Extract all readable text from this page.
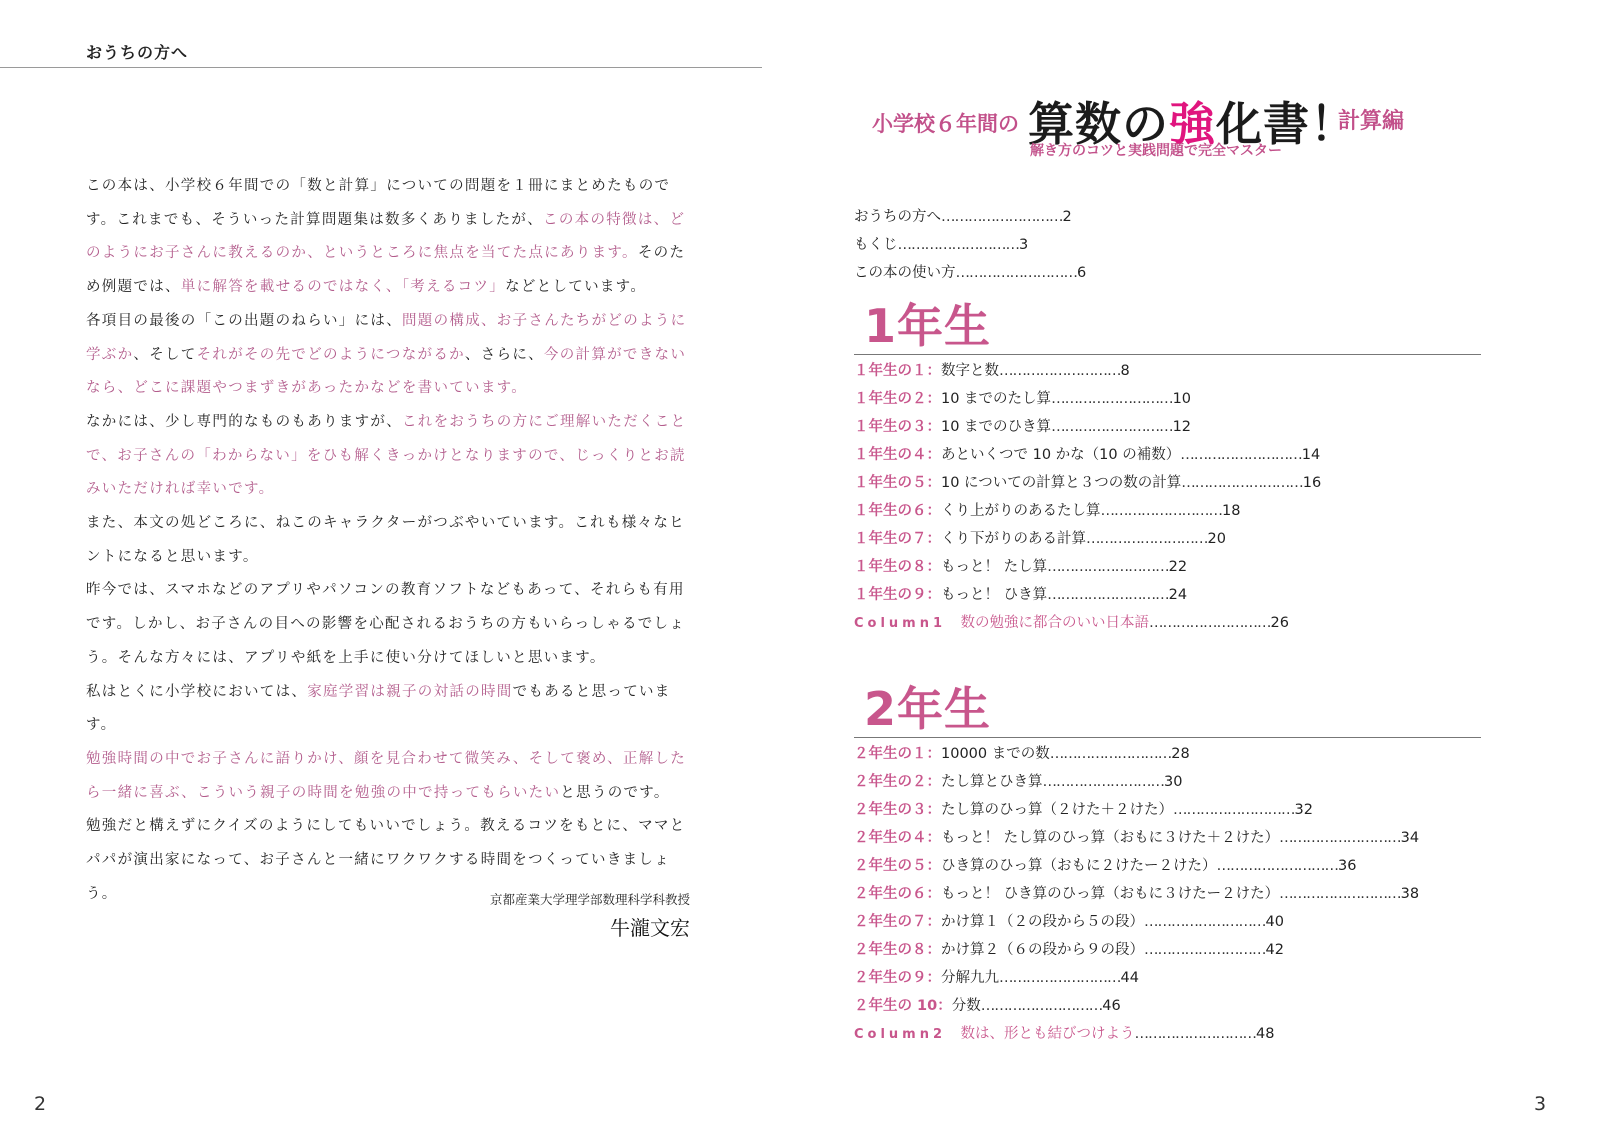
おうちの方へ

この本は、小学校６年間での「数と計算」についての問題を１冊にまとめたものです。これまでも、そういった計算問題集は数多くありましたが、この本の特徴は、どのようにお子さんに教えるのか、というところに焦点を当てた点にあります。そのため例題では、単に解答を載せるのではなく、「考えるコツ」などとしています。
各項目の最後の「この出題のねらい」には、問題の構成、お子さんたちがどのように学ぶか、そしてそれがその先でどのようにつながるか、さらに、今の計算ができないなら、どこに課題やつまずきがあったかなどを書いています。
なかには、少し専門的なものもありますが、これをおうちの方にご理解いただくことで、お子さんの「わからない」をひも解くきっかけとなりますので、じっくりとお読みいただければ幸いです。
また、本文の処どころに、ねこのキャラクターがつぶやいています。これも様々なヒントになると思います。
昨今では、スマホなどのアプリやパソコンの教育ソフトなどもあって、それらも有用です。しかし、お子さんの目への影響を心配されるおうちの方もいらっしゃるでしょう。そんな方々には、アプリや紙を上手に使い分けてほしいと思います。
私はとくに小学校においては、家庭学習は親子の対話の時間でもあると思っています。
勉強時間の中でお子さんに語りかけ、顔を見合わせて微笑み、そして褒め、正解したら一緒に喜ぶ、こういう親子の時間を勉強の中で持ってもらいたいと思うのです。
勉強だと構えずにクイズのようにしてもいいでしょう。教えるコツをもとに、ママとパパが演出家になって、お子さんと一緒にワクワクする時間をつくっていきましょう。	京都産業大学理学部数理科学科教授
牛瀧文宏
2
小学校６年間の 算数の強化書！
計算編
解き方のコツと実践問題で完全マスター
おうちの方へ………………………2
もくじ………………………3
この本の使い方………………………6
1年生
１年生の１：数字と数………………………8
１年生の２：10 までのたし算………………………10
１年生の３：10 までのひき算………………………12
１年生の４：あといくつで 10 かな（10 の補数）………………………14
１年生の５：10 についての計算と３つの数の計算………………………16
１年生の６：くり上がりのあるたし算………………………18
１年生の７：くり下がりのある計算………………………20
１年生の８：もっと！ たし算………………………22
１年生の９：もっと！ ひき算………………………24
Column1　 数の勉強に都合のいい日本語………………………26
2年生
２年生の１：10000 までの数………………………28
２年生の２：たし算とひき算………………………30
２年生の３：たし算のひっ算（２けた＋２けた）………………………32
２年生の４：もっと！ たし算のひっ算（おもに３けた＋２けた）………………………34
２年生の５：ひき算のひっ算（おもに２けたー２けた）………………………36
２年生の６：もっと！ ひき算のひっ算（おもに３けたー２けた）………………………38
２年生の７：かけ算１（２の段から５の段）………………………40
２年生の８：かけ算２（６の段から９の段）………………………42
２年生の９：分解九九………………………44
２年生の 10：分数………………………46
Column2　 数は、形とも結びつけよう………………………48
3
